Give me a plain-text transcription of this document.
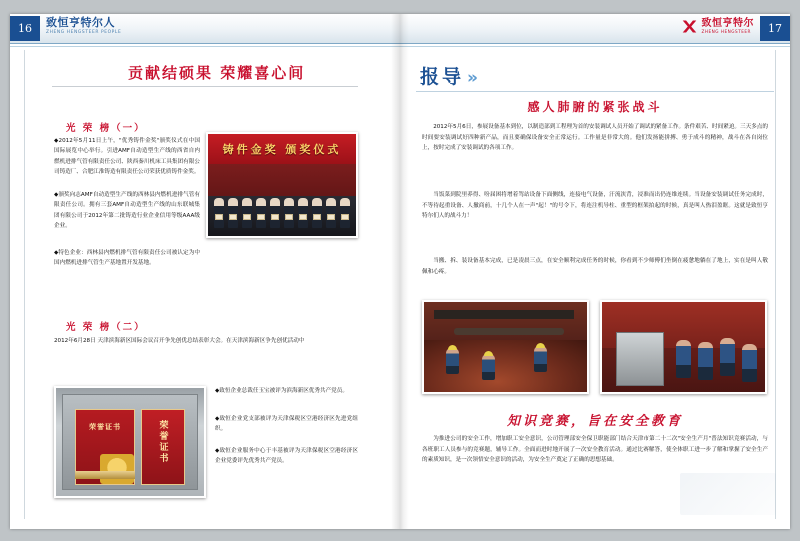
16	致恒亨特尔人
ZHENG HENGSTEER PEOPLE
贡献结硕果 荣耀喜心间
光 荣 榜（一）
◆2012年5月11日上午，"优秀铸件金奖"颁奖仪式在中国国际展览中心举行。引进AMF自动造型生产线的西省自内燃机进排气管有限责任公司、陕西秦川机床工具集团有限公司铸造厂、合肥江淮铸造有限责任公司荣获优质铸件金奖。
◆颁奖向志AMF自动造型生产线的西林县内燃机进排气管有限责任公司。拥有三套AMF自动造型生产线的山东联城集团有限公司于2012年第二批铸造行业企业信用等级AAA级企业。
◆特色企业：西林县内燃机排气管有限责任公司被认定为中国内燃机进排气管生产基地置开发基地。
铸件金奖 颁奖仪式
光 荣 榜（二）
2012年6月28日 天津滨海新区国际会议召开争先创优总结表彰大会。在天津滨海新区争先创优活动中
◆致恒企业总裁任玉宝被评为滨海新区优秀共产党员。
◆致恒企业党支部被评为天津保税区空港经济区先进党组织。
◆致恒企业服务中心于丰基被评为天津保税区空港经济区企业党委评先优秀共产党员。
荣誉证书	荣誉证书
17
致恒亨特尔
ZHENG HENGSTEER
报导 »
感人肺腑的紧张战斗

2012年5月6日，参展设备基本到位，以制造部到工程理为首的安装调试人员开始了调试的紧备工作。条件艰苦、时间紧迫。三天多点的时间要安装调试好四种新产品，而且要确保设备安全正常运行。工作量是非常大的。他们发扬能拼搏、勇于成斗的精神，战斗在各自岗位上，按时完成了安装调试的各项工作。

当饭菜到院里养得、吩届困将增着驾站设备下面侧线，连接电气设备，汗流浃背，浸准而出仍连维连续。当设备安装调试任务完成时，不等待起重设备、人撤商前，十几个人在一声"起！"的号令下，将连注机导柱、重型的框架拍起的时候，真是叫人热泪盈眶。这就是致恒亨特尔们人的战斗力！

当搬、拆、装设备基本完成，已是凌晨三点，在安全顺利完成任务的时候，你看到不少师傅们坐倒在疲惫地躺在了地上，实在是叫人敬佩和心疼。

知识竞赛，旨在安全教育

为推进公司的安全工作，增加职工安全意识，公司管理部安全保卫职能部门结合天津市第二十二次"安全生产月"普法知识竞赛活动，与各班职工人员参与的竞赛题，辅导工作。全面而进时地开展了一次安全教育活动。通过比赛解答，使全体职工进一步了解和掌握了安全生产的素质知识，是一次领悟安全意识的活动，为安全生产奠定了正确的思想基础。
